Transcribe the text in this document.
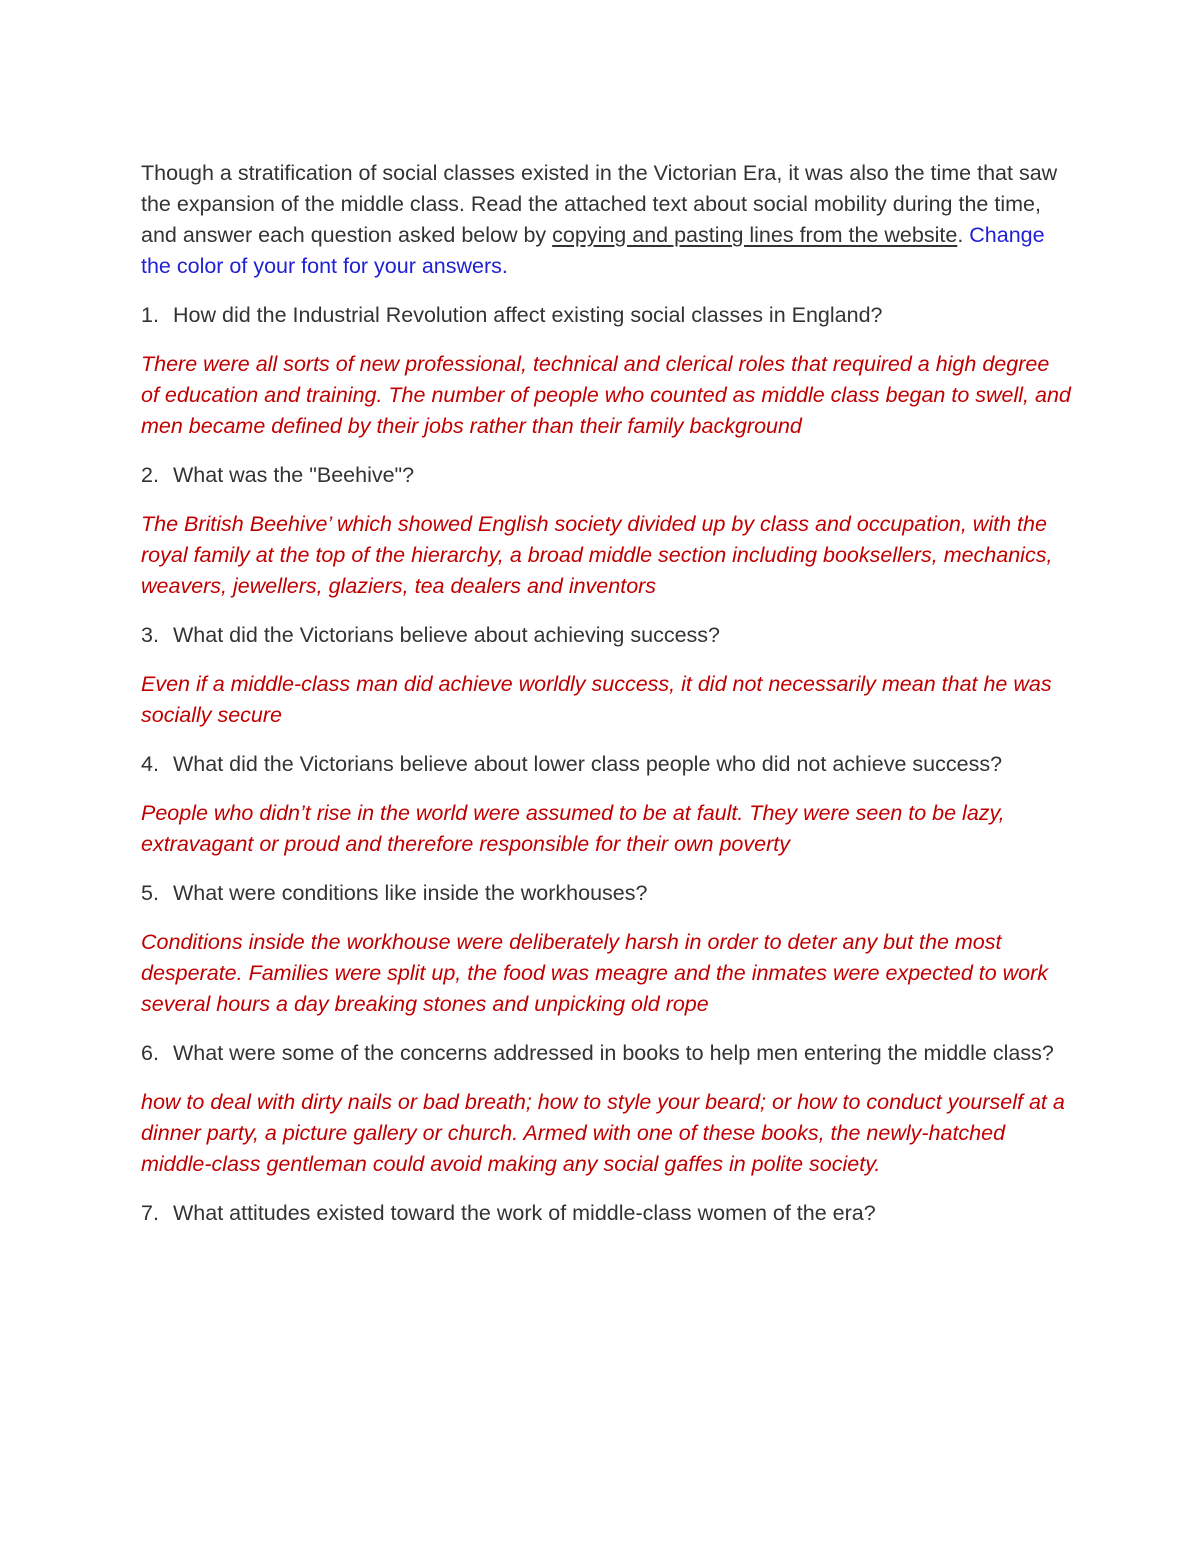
Though a stratification of social classes existed in the Victorian Era, it was also the time that saw the expansion of the middle class. Read the attached text about social mobility during the time, and answer each question asked below by copying and pasting lines from the website. Change the color of your font for your answers.

1. How did the Industrial Revolution affect existing social classes in England?

There were all sorts of new professional, technical and clerical roles that required a high degree of education and training. The number of people who counted as middle class began to swell, and men became defined by their jobs rather than their family background

2. What was the "Beehive"?

The British Beehive’ which showed English society divided up by class and occupation, with the royal family at the top of the hierarchy, a broad middle section including booksellers, mechanics, weavers, jewellers, glaziers, tea dealers and inventors

3. What did the Victorians believe about achieving success?

Even if a middle-class man did achieve worldly success, it did not necessarily mean that he was socially secure

4. What did the Victorians believe about lower class people who did not achieve success?

People who didn’t rise in the world were assumed to be at fault. They were seen to be lazy, extravagant or proud and therefore responsible for their own poverty

5. What were conditions like inside the workhouses?

Conditions inside the workhouse were deliberately harsh in order to deter any but the most desperate. Families were split up, the food was meagre and the inmates were expected to work several hours a day breaking stones and unpicking old rope

6. What were some of the concerns addressed in books to help men entering the middle class?

how to deal with dirty nails or bad breath; how to style your beard; or how to conduct yourself at a dinner party, a picture gallery or church. Armed with one of these books, the newly-hatched middle-class gentleman could avoid making any social gaffes in polite society.

7. What attitudes existed toward the work of middle-class women of the era?
